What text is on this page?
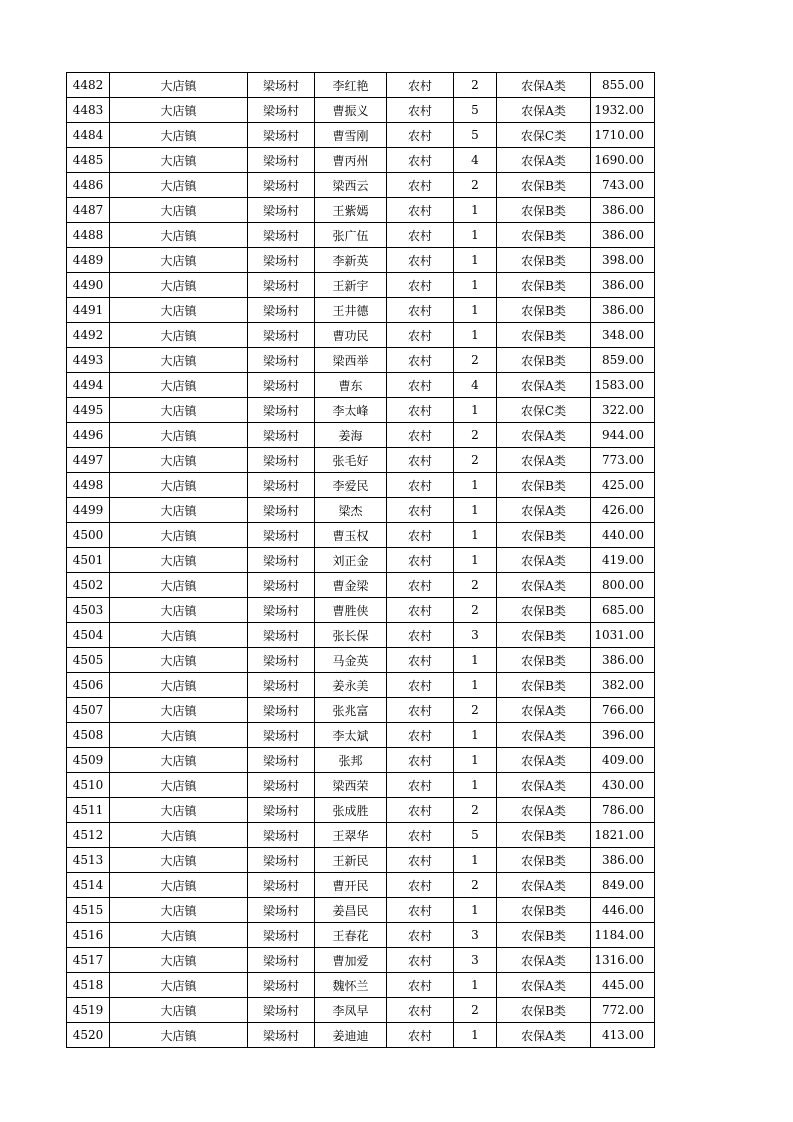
4482	大店镇	梁场村	李红艳	农村	2	农保A类	855.00
4483	大店镇	梁场村	曹振义	农村	5	农保A类	1932.00
4484	大店镇	梁场村	曹雪刚	农村	5	农保C类	1710.00
4485	大店镇	梁场村	曹丙州	农村	4	农保A类	1690.00
4486	大店镇	梁场村	梁西云	农村	2	农保B类	743.00
4487	大店镇	梁场村	王紫嫣	农村	1	农保B类	386.00
4488	大店镇	梁场村	张广伍	农村	1	农保B类	386.00
4489	大店镇	梁场村	李新英	农村	1	农保B类	398.00
4490	大店镇	梁场村	王新宇	农村	1	农保B类	386.00
4491	大店镇	梁场村	王井德	农村	1	农保B类	386.00
4492	大店镇	梁场村	曹功民	农村	1	农保B类	348.00
4493	大店镇	梁场村	梁西举	农村	2	农保B类	859.00
4494	大店镇	梁场村	曹东	农村	4	农保A类	1583.00
4495	大店镇	梁场村	李太峰	农村	1	农保C类	322.00
4496	大店镇	梁场村	姜海	农村	2	农保A类	944.00
4497	大店镇	梁场村	张毛好	农村	2	农保A类	773.00
4498	大店镇	梁场村	李爱民	农村	1	农保B类	425.00
4499	大店镇	梁场村	梁杰	农村	1	农保A类	426.00
4500	大店镇	梁场村	曹玉权	农村	1	农保B类	440.00
4501	大店镇	梁场村	刘正金	农村	1	农保A类	419.00
4502	大店镇	梁场村	曹金梁	农村	2	农保A类	800.00
4503	大店镇	梁场村	曹胜侠	农村	2	农保B类	685.00
4504	大店镇	梁场村	张长保	农村	3	农保B类	1031.00
4505	大店镇	梁场村	马金英	农村	1	农保B类	386.00
4506	大店镇	梁场村	姜永美	农村	1	农保B类	382.00
4507	大店镇	梁场村	张兆富	农村	2	农保A类	766.00
4508	大店镇	梁场村	李太斌	农村	1	农保A类	396.00
4509	大店镇	梁场村	张邦	农村	1	农保A类	409.00
4510	大店镇	梁场村	梁西荣	农村	1	农保A类	430.00
4511	大店镇	梁场村	张成胜	农村	2	农保A类	786.00
4512	大店镇	梁场村	王翠华	农村	5	农保B类	1821.00
4513	大店镇	梁场村	王新民	农村	1	农保B类	386.00
4514	大店镇	梁场村	曹开民	农村	2	农保A类	849.00
4515	大店镇	梁场村	姜昌民	农村	1	农保B类	446.00
4516	大店镇	梁场村	王春花	农村	3	农保B类	1184.00
4517	大店镇	梁场村	曹加爱	农村	3	农保A类	1316.00
4518	大店镇	梁场村	魏怀兰	农村	1	农保A类	445.00
4519	大店镇	梁场村	李凤早	农村	2	农保B类	772.00
4520	大店镇	梁场村	姜迪迪	农村	1	农保A类	413.00
